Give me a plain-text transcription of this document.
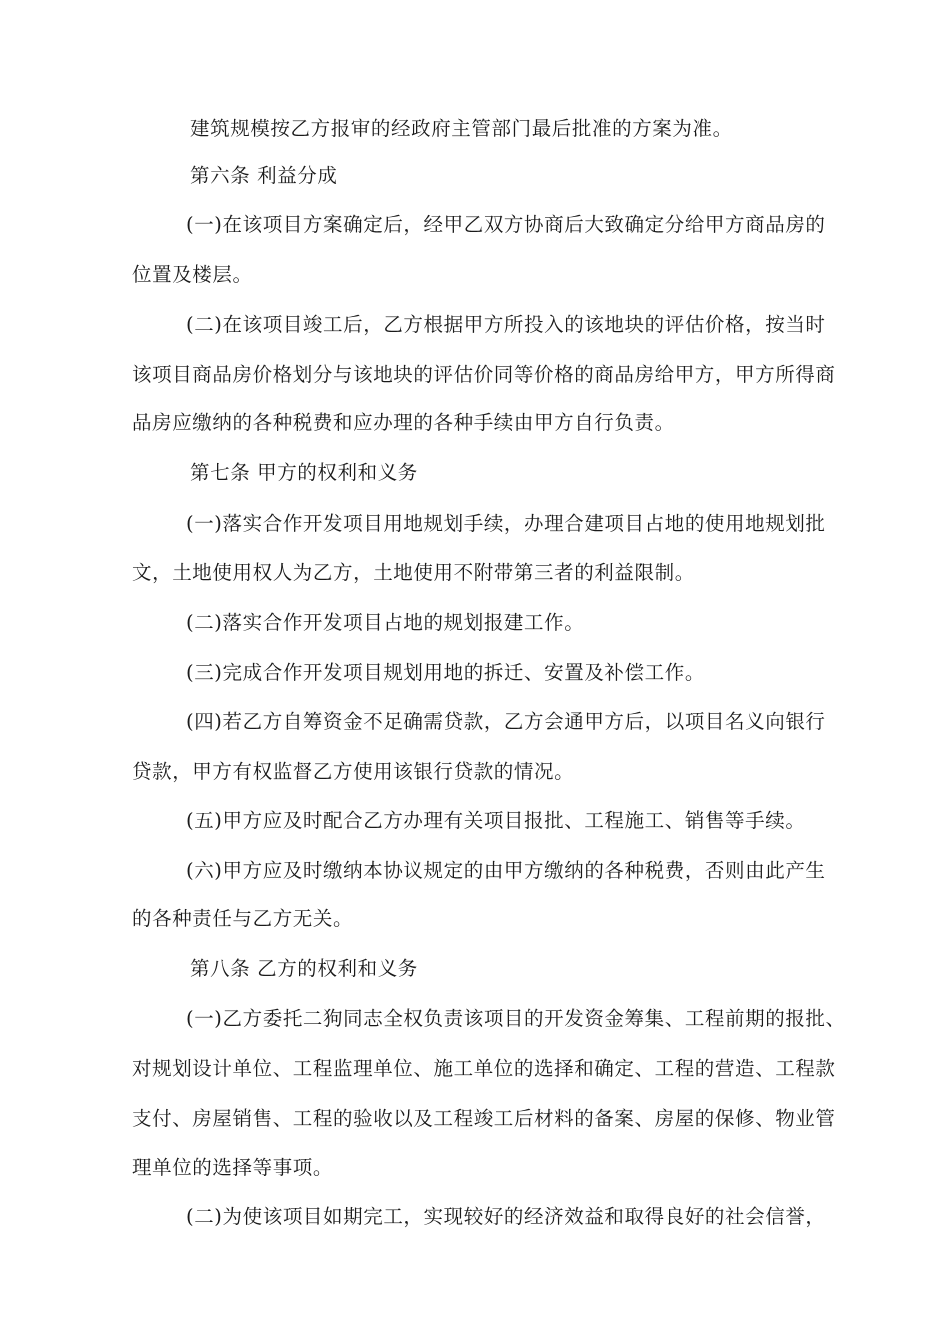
建筑规模按乙方报审的经政府主管部门最后批准的方案为准。
第六条 利益分成
(一)在该项目方案确定后，经甲乙双方协商后大致确定分给甲方商品房的
位置及楼层。
(二)在该项目竣工后，乙方根据甲方所投入的该地块的评估价格，按当时
该项目商品房价格划分与该地块的评估价同等价格的商品房给甲方，甲方所得商
品房应缴纳的各种税费和应办理的各种手续由甲方自行负责。
第七条 甲方的权利和义务
(一)落实合作开发项目用地规划手续，办理合建项目占地的使用地规划批
文，土地使用权人为乙方，土地使用不附带第三者的利益限制。
(二)落实合作开发项目占地的规划报建工作。
(三)完成合作开发项目规划用地的拆迁、安置及补偿工作。
(四)若乙方自筹资金不足确需贷款，乙方会通甲方后，以项目名义向银行
贷款，甲方有权监督乙方使用该银行贷款的情况。
(五)甲方应及时配合乙方办理有关项目报批、工程施工、销售等手续。
(六)甲方应及时缴纳本协议规定的由甲方缴纳的各种税费，否则由此产生
的各种责任与乙方无关。
第八条 乙方的权利和义务
(一)乙方委托二狗同志全权负责该项目的开发资金筹集、工程前期的报批、
对规划设计单位、工程监理单位、施工单位的选择和确定、工程的营造、工程款
支付、房屋销售、工程的验收以及工程竣工后材料的备案、房屋的保修、物业管
理单位的选择等事项。
(二)为使该项目如期完工，实现较好的经济效益和取得良好的社会信誉，
